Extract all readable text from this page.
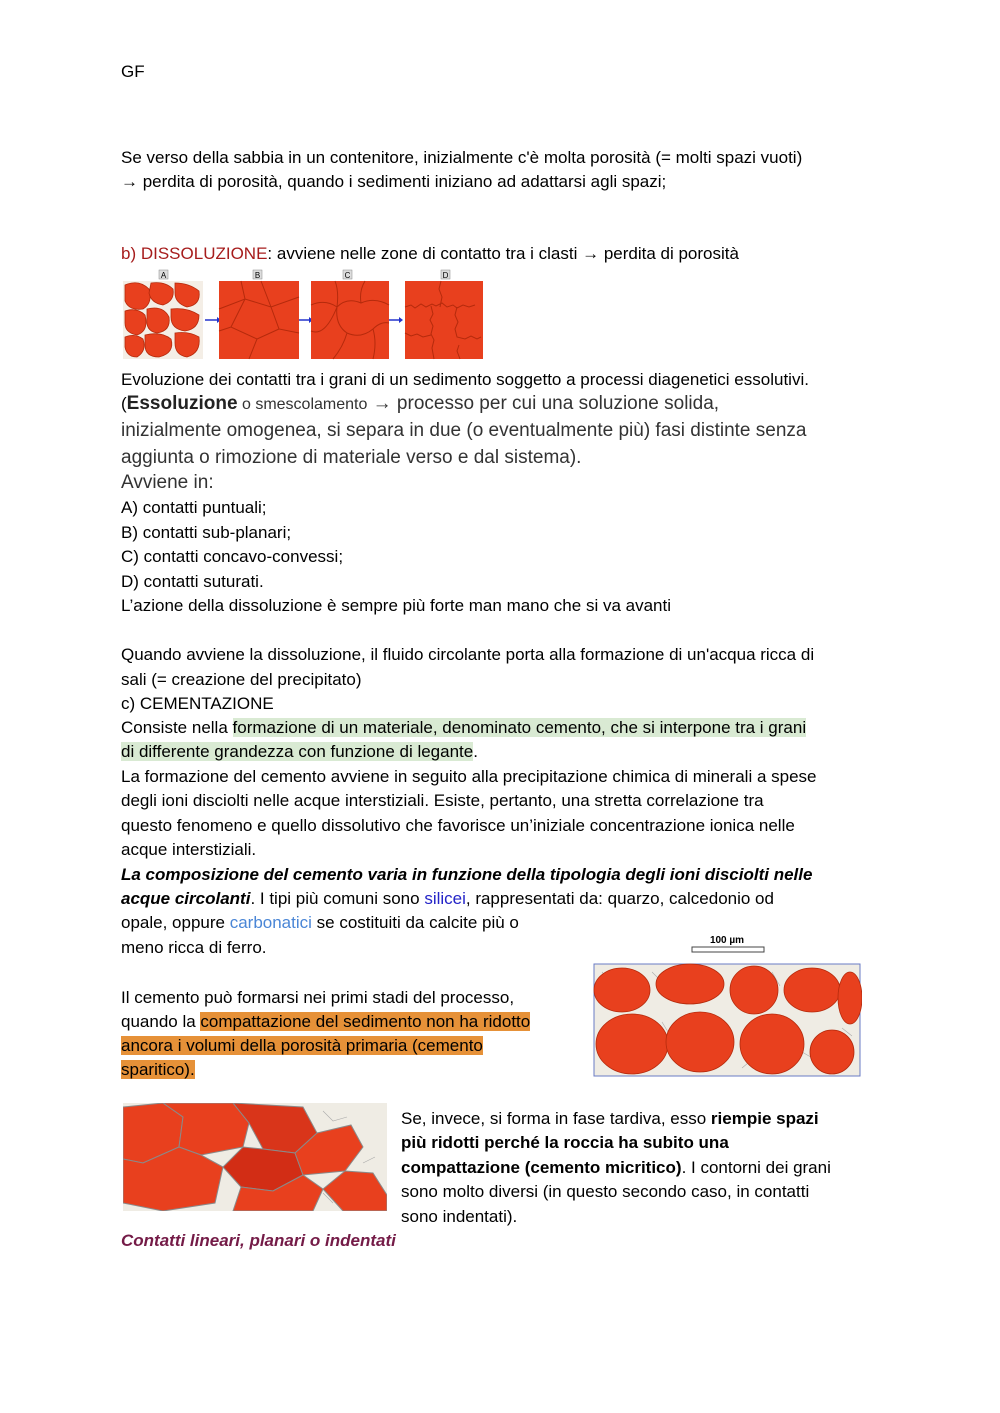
GF

Se verso della sabbia in un contenitore, inizialmente c'è molta porosità (= molti spazi vuoti)

→ perdita di porosità, quando i sedimenti iniziano ad adattarsi agli spazi;

b) DISSOLUZIONE: avviene nelle zone di contatto tra i clasti → perdita di porosità

A	B	C	D

Evoluzione dei contatti tra i grani di un sedimento soggetto a processi diagenetici essolutivi.

(Essoluzione o smescolamento → processo per cui una soluzione solida,

inizialmente omogenea, si separa in due (o eventualmente più) fasi distinte senza

aggiunta o rimozione di materiale verso e dal sistema).

Avviene in:

A) contatti puntuali;

B) contatti sub-planari;

C) contatti concavo-convessi;

D) contatti suturati.

L’azione della dissoluzione è sempre più forte man mano che si va avanti

Quando avviene la dissoluzione, il fluido circolante porta alla formazione di un'acqua ricca di

sali (= creazione del precipitato)

c) CEMENTAZIONE

Consiste nella formazione di un materiale, denominato cemento, che si interpone tra i grani

di differente grandezza con funzione di legante.

La formazione del cemento avviene in seguito alla precipitazione chimica di minerali a spese

degli ioni disciolti nelle acque interstiziali. Esiste, pertanto, una stretta correlazione tra

questo fenomeno e quello dissolutivo che favorisce un’iniziale concentrazione ionica nelle

acque interstiziali.

La composizione del cemento varia in funzione della tipologia degli ioni disciolti nelle

acque circolanti. I tipi più comuni sono silicei, rappresentati da: quarzo, calcedonio od

opale, oppure carbonatici se costituiti da calcite più o

meno ricca di ferro.

Il cemento può formarsi nei primi stadi del processo,

quando la compattazione del sedimento non ha ridotto

ancora i volumi della porosità primaria (cemento

sparitico).

100 µm

Se, invece, si forma in fase tardiva, esso riempie spazi

più ridotti perché la roccia ha subito una

compattazione (cemento micritico). I contorni dei grani

sono molto diversi (in questo secondo caso, in contatti

sono indentati).

Contatti lineari, planari o indentati
